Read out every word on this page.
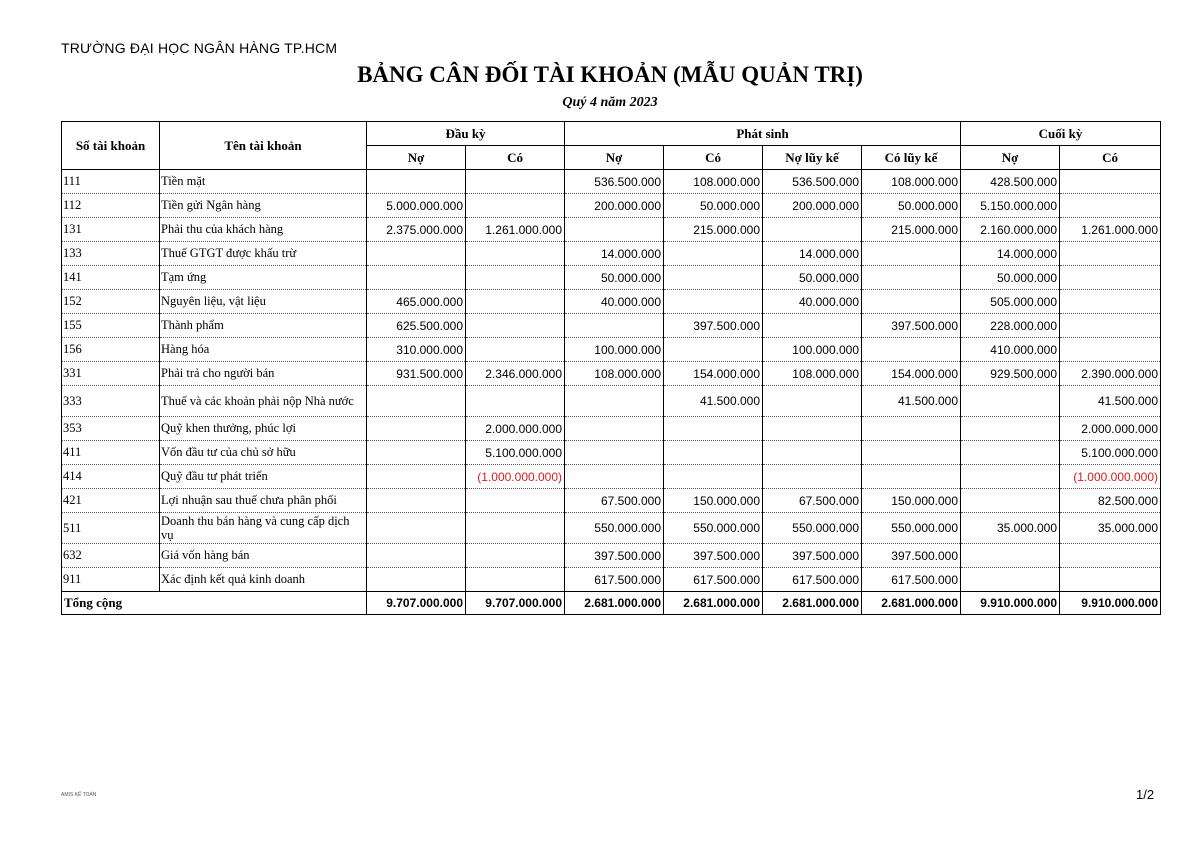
TRƯỜNG ĐẠI HỌC NGÂN HÀNG TP.HCM
BẢNG CÂN ĐỐI TÀI KHOẢN (MẪU QUẢN TRỊ)
Quý 4 năm 2023
Số tài khoản	Tên tài khoản	Đầu kỳ		Phát sinh				Cuối kỳ	
		Nợ	Có	Nợ	Có	Nợ lũy kế	Có lũy kế	Nợ	Có
111	Tiền mặt			536.500.000	108.000.000	536.500.000	108.000.000	428.500.000	
112	Tiền gửi Ngân hàng	5.000.000.000		200.000.000	50.000.000	200.000.000	50.000.000	5.150.000.000	
131	Phải thu của khách hàng	2.375.000.000	1.261.000.000		215.000.000		215.000.000	2.160.000.000	1.261.000.000
133	Thuế GTGT được khấu trừ			14.000.000		14.000.000		14.000.000	
141	Tạm ứng			50.000.000		50.000.000		50.000.000	
152	Nguyên liệu, vật liệu	465.000.000		40.000.000		40.000.000		505.000.000	
155	Thành phẩm	625.500.000			397.500.000		397.500.000	228.000.000	
156	Hàng hóa	310.000.000		100.000.000		100.000.000		410.000.000	
331	Phải trả cho người bán	931.500.000	2.346.000.000	108.000.000	154.000.000	108.000.000	154.000.000	929.500.000	2.390.000.000
333	Thuế và các khoản phải nộp Nhà nước				41.500.000		41.500.000		41.500.000
353	Quỹ khen thưởng, phúc lợi		2.000.000.000						2.000.000.000
411	Vốn đầu tư của chủ sở hữu		5.100.000.000						5.100.000.000
414	Quỹ đầu tư phát triển		(1.000.000.000)						(1.000.000.000)
421	Lợi nhuận sau thuế chưa phân phối			67.500.000	150.000.000	67.500.000	150.000.000		82.500.000
511	Doanh thu bán hàng và cung cấp dịch vụ			550.000.000	550.000.000	550.000.000	550.000.000	35.000.000	35.000.000
632	Giá vốn hàng bán			397.500.000	397.500.000	397.500.000	397.500.000		
911	Xác định kết quả kinh doanh			617.500.000	617.500.000	617.500.000	617.500.000		
Tổng cộng		9.707.000.000	9.707.000.000	2.681.000.000	2.681.000.000	2.681.000.000	2.681.000.000	9.910.000.000	9.910.000.000
AMIS KẾ TOÁN	1/2
